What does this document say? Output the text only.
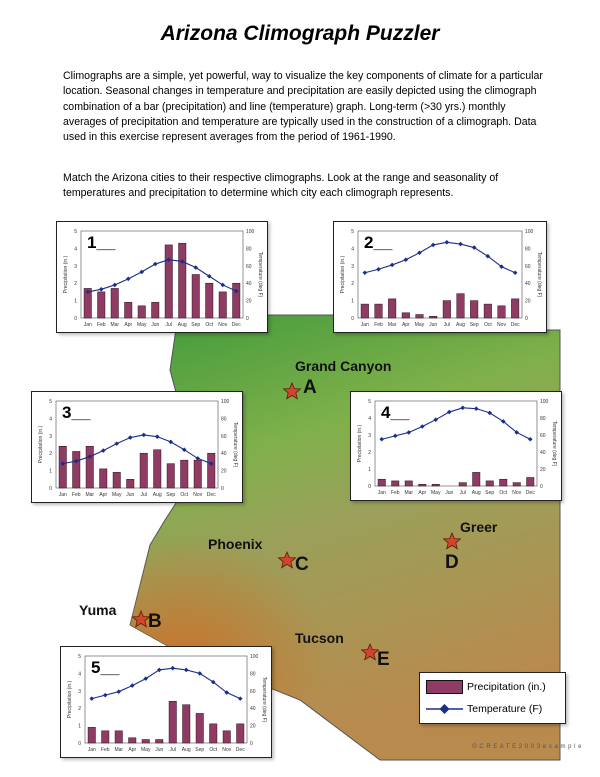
Arizona Climograph Puzzler

Climographs are a simple, yet powerful, way to visualize the key components of climate for a particular location. Seasonal changes in temperature and precipitation are easily depicted using the climograph combination of a bar (precipitation) and line (temperature) graph. Long-term (>30 yrs.) monthly averages of precipitation and temperature are typically used in the construction of a climograph. Data used in this exercise represent averages from the period of 1961-1990.

Match the Arizona cities to their respective climographs. Look at the range and seasonality of temperatures and precipitation to determine which city each climograph represents.

Grand Canyon
A
Yuma
B
Phoenix
C
Greer
D
Tucson
E
0
1
2
3
4
5
0
20
40
60
80
100
Precipitation (in.)	Temperature (deg F)
Jan Feb Mar Apr May Jun Jul Aug Sep Oct Nov Dec
1__
0
1
2
3
4
5
0
20
40
60
80
100
Precipitation (in.)	Temperature (deg F)
Jan Feb Mar Apr May Jun Jul Aug Sep Oct Nov Dec
2__
0
1
2
3
4
5
0
20
40
60
80
100
Precipitation (in.)	Temperature (deg F)
Jan Feb Mar Apr May Jun Jul Aug Sep Oct Nov Dec
3__
0
1
2
3
4
5
0
20
40
60
80
100
Precipitation (in.)	Temperature (deg F)
Jan Feb Mar Apr May Jun Jul Aug Sep Oct Nov Dec
4__
0
1
2
3
4
5
0
20
40
60
80
100
Precipitation (in.)	Temperature (deg F)
Jan Feb Mar Apr May Jun Jul Aug Sep Oct Nov Dec
5__
Precipitation (in.)
Temperature (F)
© C R E A T E 2 0 0 3 e x a m p l e
